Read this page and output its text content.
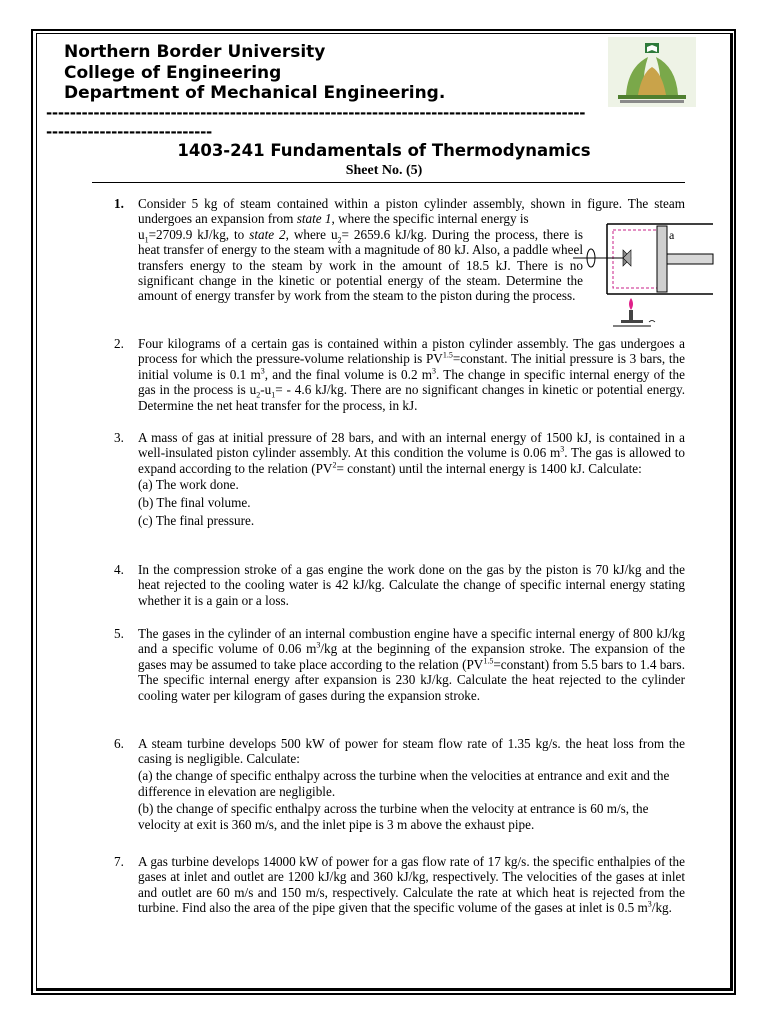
Northern Border University
College of Engineering
Department of Mechanical Engineering.
-------------------------------------------------------------------------------------------
----------------------------
1403-241 Fundamentals of Thermodynamics
Sheet No. (5)
a
1. Consider 5 kg of steam contained within a piston cylinder assembly, shown in figure. The steam undergoes an expansion from state 1, where the specific internal energy is

$u_1=2709.9$ kJ/kg, to state 2, where $u_2= 2659.6$ kJ/kg. During the process, there is heat transfer of energy to the steam with a magnitude of 80 kJ. Also, a paddle wheel transfers energy to the steam by work in the amount of 18.5 kJ. There is no significant change in the kinetic or potential energy of the steam. Determine the amount of energy transfer by work from the steam to the piston during the process.

2. Four kilograms of a certain gas is contained within a piston cylinder assembly. The gas undergoes a process for which the pressure-volume relationship is $PV^{1.5}=constant$. The initial pressure is 3 bars, the initial volume is 0.1 $m^3$, and the final volume is 0.2 $m^3$. The change in specific internal energy of the gas in the process is $u_2-u_1= - 4.6$ kJ/kg. There are no significant changes in kinetic or potential energy. Determine the net heat transfer for the process, in kJ.

3. A mass of gas at initial pressure of 28 bars, and with an internal energy of 1500 kJ, is contained in a well-insulated piston cylinder assembly. At this condition the volume is 0.06 $m^3$. The gas is allowed to expand according to the relation ($PV^2=$ constant) until the internal energy is 1400 kJ. Calculate:

(a) The work done.
(b) The final volume.
(c) The final pressure.
4. In the compression stroke of a gas engine the work done on the gas by the piston is 70 kJ/kg and the heat rejected to the cooling water is 42 kJ/kg. Calculate the change of specific internal energy stating whether it is a gain or a loss.
5. The gases in the cylinder of an internal combustion engine have a specific internal energy of 800 kJ/kg and a specific volume of 0.06 $m^3/kg$ at the beginning of the expansion stroke. The expansion of the gases may be assumed to take place according to the relation $(PV^{1.5}=constant)$ from 5.5 bars to 1.4 bars. The specific internal energy after expansion is 230 kJ/kg. Calculate the heat rejected to the cylinder cooling water per kilogram of gases during the expansion stroke.

6. A steam turbine develops 500 kW of power for steam flow rate of 1.35 kg/s. the heat loss from the casing is negligible. Calculate:

(a) the change of specific enthalpy across the turbine when the velocities at entrance and exit and the difference in elevation are negligible.

(b) the change of specific enthalpy across the turbine when the velocity at entrance is 60 m/s, the velocity at exit is 360 m/s, and the inlet pipe is 3 m above the exhaust pipe.

7. A gas turbine develops 14000 kW of power for a gas flow rate of 17 kg/s. the specific enthalpies of the gases at inlet and outlet are 1200 kJ/kg and 360 kJ/kg, respectively. The velocities of the gases at inlet and outlet are 60 m/s and 150 m/s, respectively. Calculate the rate at which heat is rejected from the turbine. Find also the area of the pipe given that the specific volume of the gases at inlet is 0.5 $m^3/kg$.
